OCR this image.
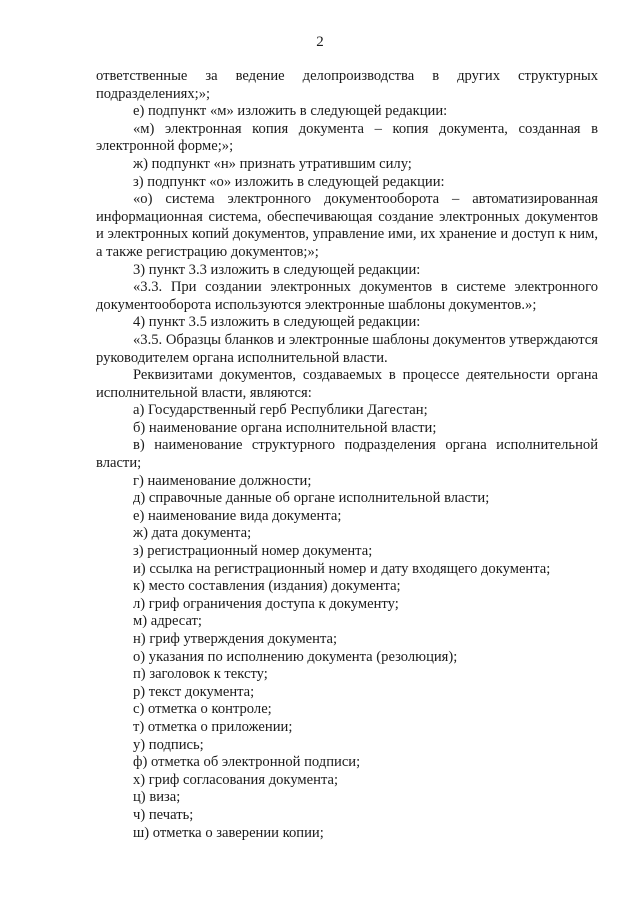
2

ответственные за ведение делопроизводства в других структурных подразделениях;»;

е) подпункт «м» изложить в следующей редакции:

«м) электронная копия документа – копия документа, созданная в электронной форме;»;

ж) подпункт «н» признать утратившим силу;

з) подпункт «о» изложить в следующей редакции:

«о) система электронного документооборота – автоматизированная информационная система, обеспечивающая создание электронных документов и электронных копий документов, управление ими, их хранение и доступ к ним, а также регистрацию документов;»;

3) пункт 3.3 изложить в следующей редакции:

«3.3. При создании электронных документов в системе электронного документооборота используются электронные шаблоны документов.»;

4) пункт 3.5 изложить в следующей редакции:

«3.5. Образцы бланков и электронные шаблоны документов утверждаются руководителем органа исполнительной власти.

Реквизитами документов, создаваемых в процессе деятельности органа исполнительной власти, являются:

а) Государственный герб Республики Дагестан;

б) наименование органа исполнительной власти;

в) наименование структурного подразделения органа исполнительной власти;

г) наименование должности;

д) справочные данные об органе исполнительной власти;

е) наименование вида документа;

ж) дата документа;

з) регистрационный номер документа;

и) ссылка на регистрационный номер и дату входящего документа;

к) место составления (издания) документа;

л) гриф ограничения доступа к документу;

м) адресат;

н) гриф утверждения документа;

о) указания по исполнению документа (резолюция);

п) заголовок к тексту;

р) текст документа;

с) отметка о контроле;

т) отметка о приложении;

у) подпись;

ф) отметка об электронной подписи;

х) гриф согласования документа;

ц) виза;

ч) печать;

ш) отметка о заверении копии;
